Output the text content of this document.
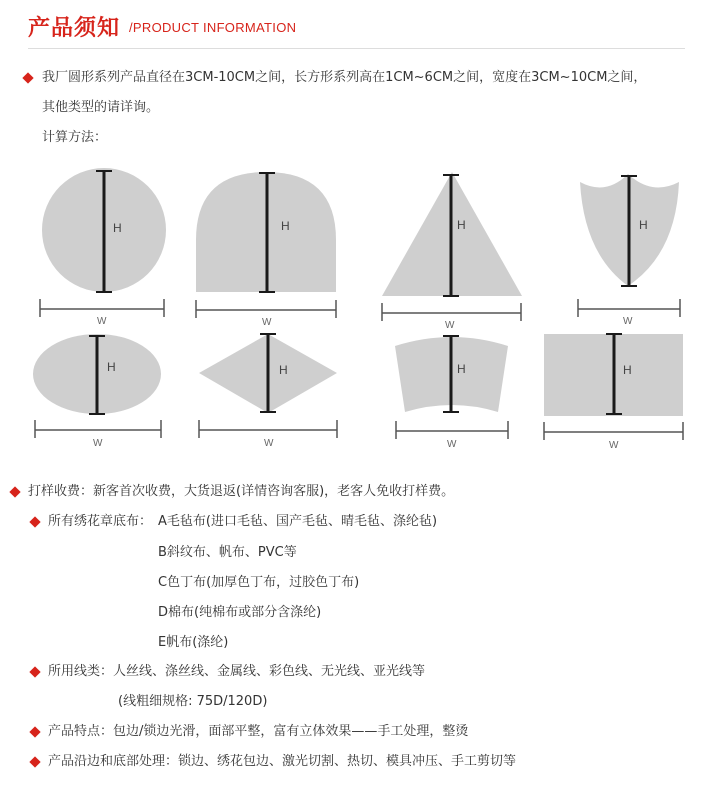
产品须知 /PRODUCT INFORMATION
我厂圆形系列产品直径在3CM-10CM之间，长方形系列高在1CM~6CM之间，宽度在3CM~10CM之间，
其他类型的请详询。
计算方法：
H
W
H
W
H
W
H
W
H
W
H
W
H
W
H
W
打样收费：新客首次收费，大货退返(详情咨询客服)，老客人免收打样费。
所有绣花章底布： A毛毡布(进口毛毡、国产毛毡、晴毛毡、涤纶毡)
B斜纹布、帆布、PVC等
C色丁布(加厚色丁布，过胶色丁布)
D棉布(纯棉布或部分含涤纶)
E帆布(涤纶)
所用线类：人丝线、涤丝线、金属线、彩色线、无光线、亚光线等
(线粗细规格: 75D/120D)
产品特点：包边/锁边光滑，面部平整，富有立体效果——手工处理，整烫
产品沿边和底部处理：锁边、绣花包边、激光切割、热切、模具冲压、手工剪切等
